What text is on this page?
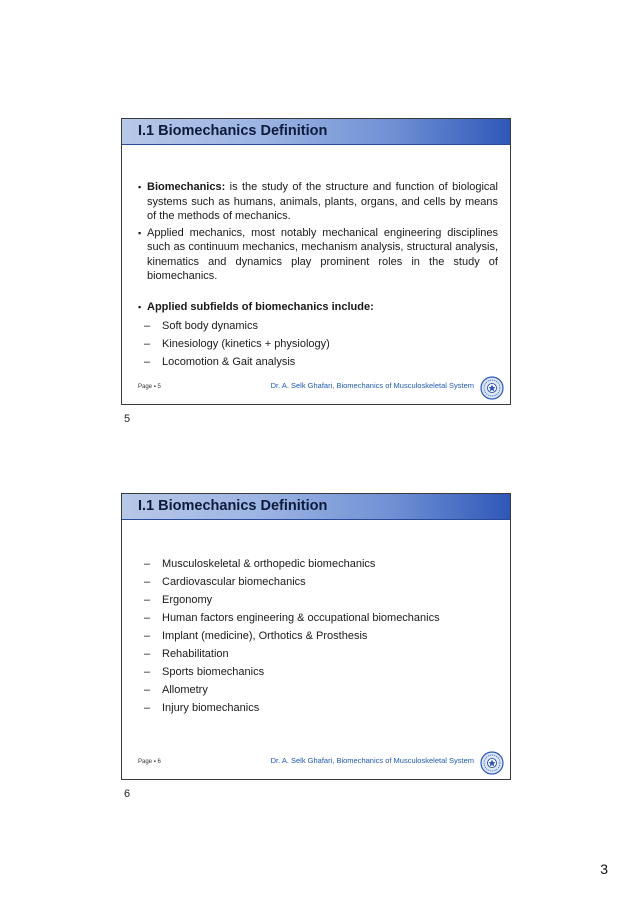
I.1 Biomechanics Definition
▪ Biomechanics: is the study of the structure and function of biological systems such as humans, animals, plants, organs, and cells by means of the methods of mechanics.
▪ Applied mechanics, most notably mechanical engineering disciplines such as continuum mechanics, mechanism analysis, structural analysis, kinematics and dynamics play prominent roles in the study of biomechanics.
▪ Applied subfields of biomechanics include:
–	Soft body dynamics
–	Kinesiology (kinetics + physiology)
–	Locomotion & Gait analysis
Page ▪ 5	Dr. A. Selk Ghafari, Biomechanics of Musculoskeletal System
5
I.1 Biomechanics Definition
–	Musculoskeletal & orthopedic biomechanics
–	Cardiovascular biomechanics
–	Ergonomy
–	Human factors engineering & occupational biomechanics
–	Implant (medicine), Orthotics & Prosthesis
–	Rehabilitation
–	Sports biomechanics
–	Allometry
–	Injury biomechanics
Page ▪ 6	Dr. A. Selk Ghafari, Biomechanics of Musculoskeletal System
6
3
